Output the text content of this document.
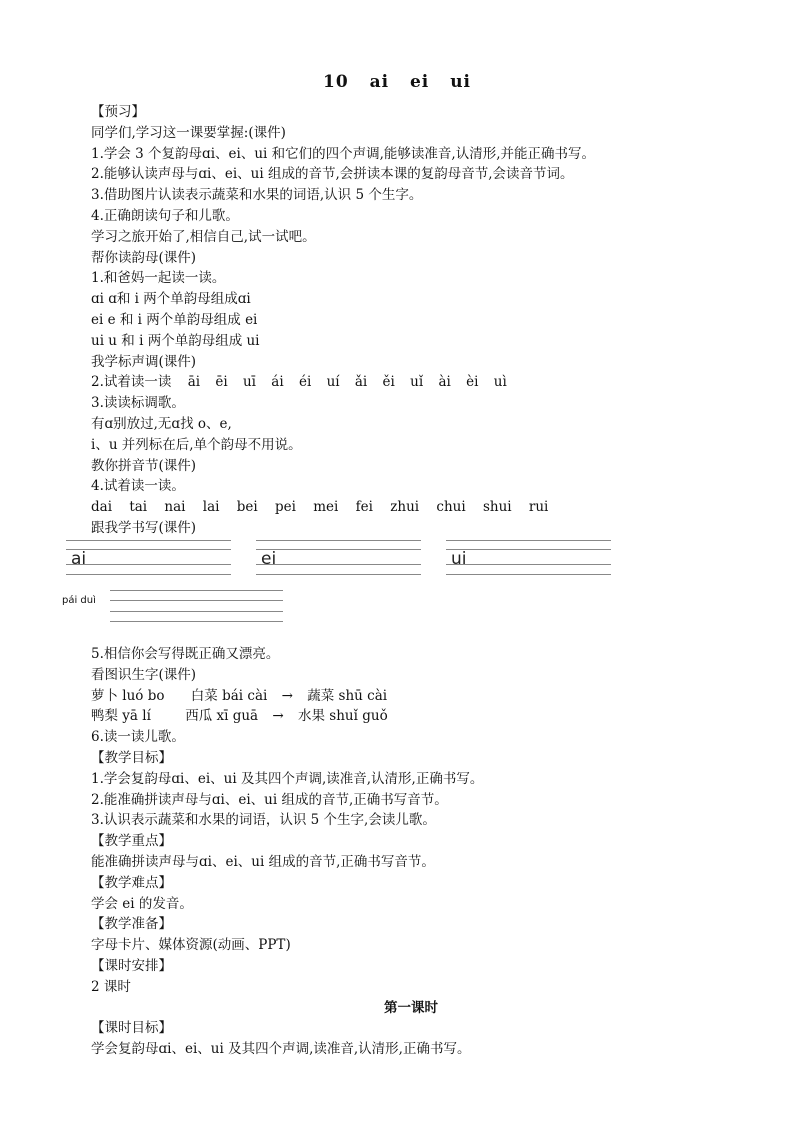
10 ai ei ui
【预习】
同学们,学习这一课要掌握:(课件)
1.学会 3 个复韵母ɑi、ei、ui 和它们的四个声调,能够读准音,认清形,并能正确书写。
2.能够认读声母与ɑi、ei、ui 组成的音节,会拼读本课的复韵母音节,会读音节词。
3.借助图片认读表示蔬菜和水果的词语,认识 5 个生字。
4.正确朗读句子和儿歌。
学习之旅开始了,相信自己,试一试吧。
帮你读韵母(课件)
1.和爸妈一起读一读。
ɑi ɑ和 i 两个单韵母组成ɑi
ei e 和 i 两个单韵母组成 ei
ui u 和 i 两个单韵母组成 ui
我学标声调(课件)
2.试着读一读 āi ēi uī ái éi uí ǎi ěi uǐ ài èi uì
3.读读标调歌。
有ɑ别放过,无ɑ找 o、e,
i、u 并列标在后,单个韵母不用说。
教你拼音节(课件)
4.试着读一读。
dai tai nai lai bei pei mei fei zhui chui shui rui
跟我学书写(课件)
ai	ei	ui
pái duì
5.相信你会写得既正确又漂亮。
看图识生字(课件)
萝卜 luó bo 白菜 bái cài → 蔬菜 shū cài
鸭梨 yā lí	西瓜 xī guā → 水果 shuǐ guǒ
6.读一读儿歌。
【教学目标】
1.学会复韵母ɑi、ei、ui 及其四个声调,读准音,认清形,正确书写。
2.能准确拼读声母与ɑi、ei、ui 组成的音节,正确书写音节。
3.认识表示蔬菜和水果的词语，认识 5 个生字,会读儿歌。
【教学重点】
能准确拼读声母与ɑi、ei、ui 组成的音节,正确书写音节。
【教学难点】
学会 ei 的发音。
【教学准备】
字母卡片、媒体资源(动画、PPT)
【课时安排】
2 课时
第一课时
【课时目标】
学会复韵母ɑi、ei、ui 及其四个声调,读准音,认清形,正确书写。
